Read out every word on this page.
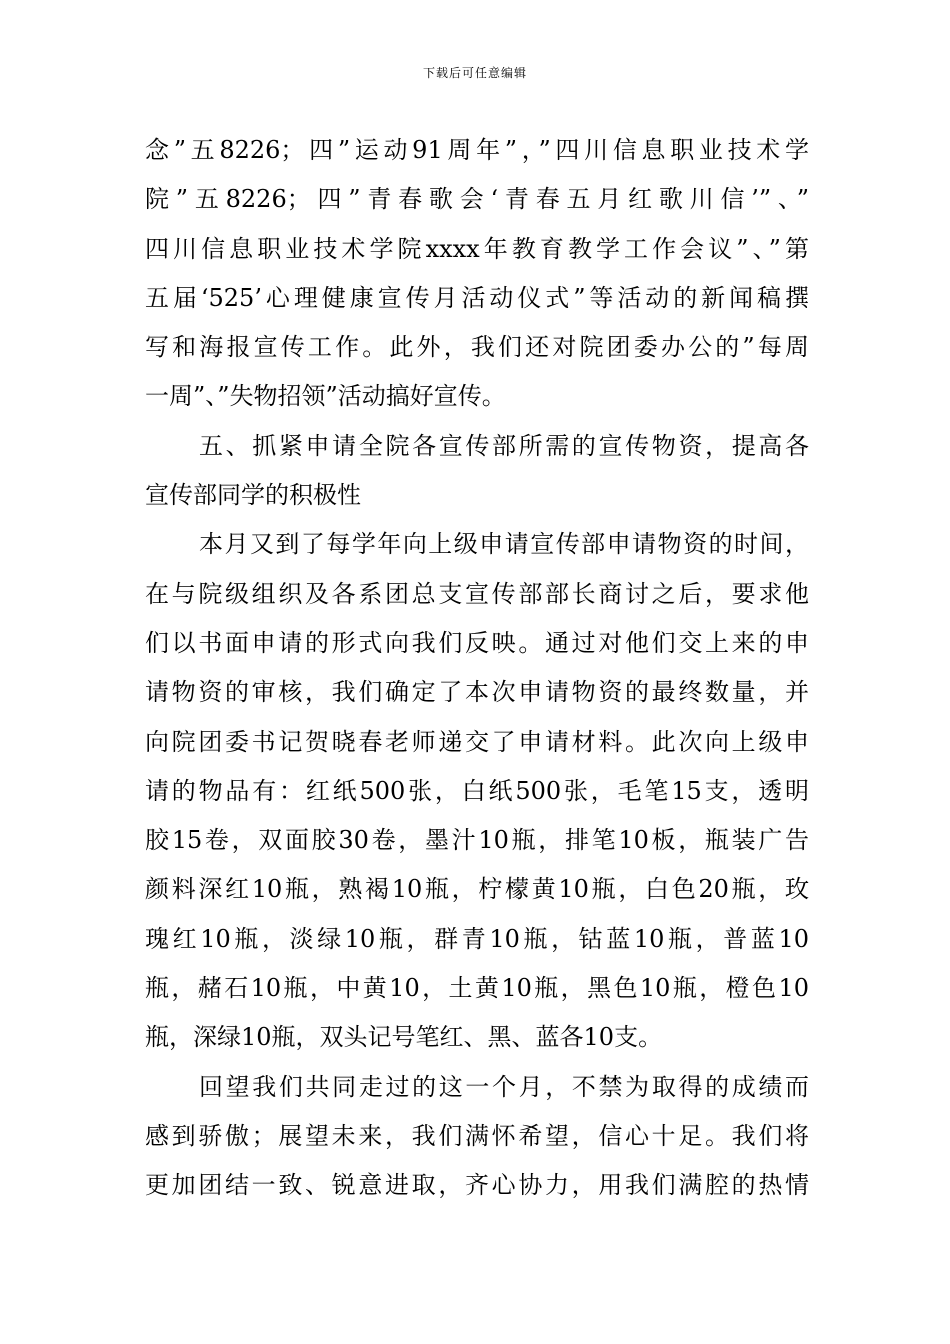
下载后可任意编辑
念”五8226；四”运动91周年”，”四川信息职业技术学
院”五8226；四”青春歌会‘青春五月红歌川信’”、”
四川信息职业技术学院xxxx年教育教学工作会议”、”第
五届‘525’心理健康宣传月活动仪式”等活动的新闻稿撰
写和海报宣传工作。此外，我们还对院团委办公的”每周
一周”、”失物招领”活动搞好宣传。
五、抓紧申请全院各宣传部所需的宣传物资，提高各
宣传部同学的积极性
本月又到了每学年向上级申请宣传部申请物资的时间，
在与院级组织及各系团总支宣传部部长商讨之后，要求他
们以书面申请的形式向我们反映。通过对他们交上来的申
请物资的审核，我们确定了本次申请物资的最终数量，并
向院团委书记贺晓春老师递交了申请材料。此次向上级申
请的物品有：红纸500张，白纸500张，毛笔15支，透明
胶15卷，双面胶30卷，墨汁10瓶，排笔10板，瓶装广告
颜料深红10瓶，熟褐10瓶，柠檬黄10瓶，白色20瓶，玫
瑰红10瓶，淡绿10瓶，群青10瓶，钴蓝10瓶，普蓝10
瓶，赭石10瓶，中黄10，土黄10瓶，黑色10瓶，橙色10
瓶，深绿10瓶，双头记号笔红、黑、蓝各10支。
回望我们共同走过的这一个月，不禁为取得的成绩而
感到骄傲；展望未来，我们满怀希望，信心十足。我们将
更加团结一致、锐意进取，齐心协力，用我们满腔的热情
